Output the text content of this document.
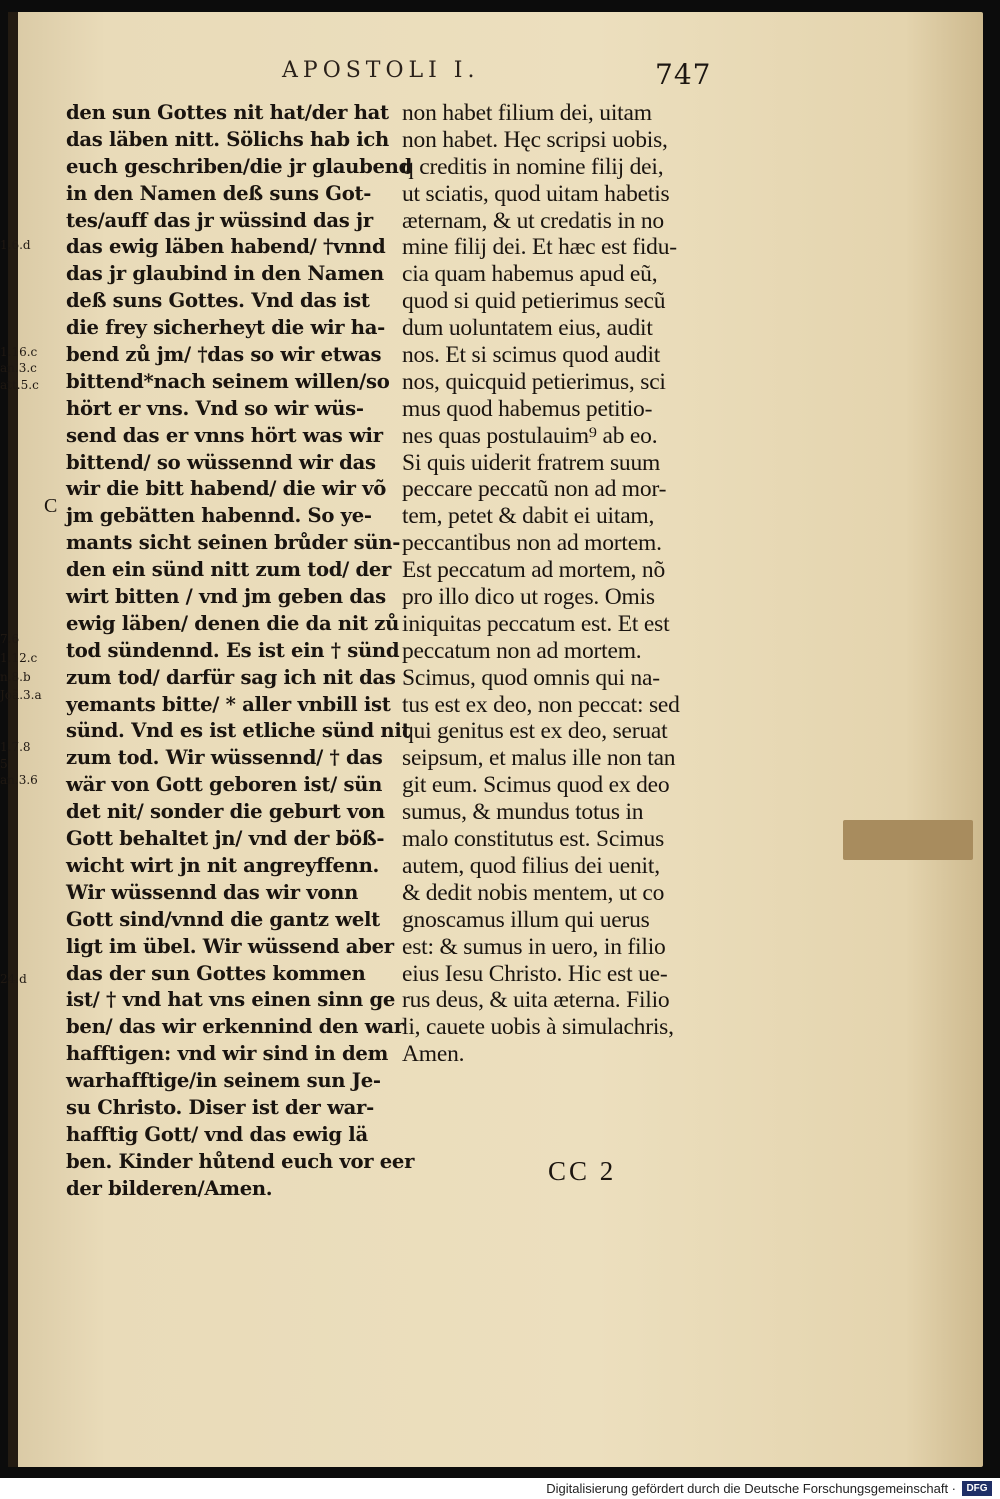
APOSTOLI I.	747
den sun Gottes nit hat/der hat
das läben nitt. Sölichs hab ich
euch geschriben/die jr glaubend
in den Namen deß suns Got-
tes/auff das jr wüssind das jr
das ewig läben habend/ †vnnd
das jr glaubind in den Namen
deß suns Gottes. Vnd das ist
die frey sicherheyt die wir ha-
bend zů jm/ †das so wir etwas
bittend*nach seinem willen/so
hört er vns. Vnd so wir wüs-
send das er vnns hört was wir
bittend/ so wüssennd wir das
wir die bitt habend/ die wir võ
jm gebätten habennd. So ye-
mants sicht seinen brůder sün-
den ein sünd nitt zum tod/ der
wirt bitten / vnd jm geben das
ewig läben/ denen die da nit zů
tod sündennd. Es ist ein † sünd
zum tod/ darfür sag ich nit das
yemants bitte/ * aller vnbill ist
sünd. Vnd es ist etliche sünd nit
zum tod. Wir wüssennd/ † das
wär von Gott geboren ist/ sün
det nit/ sonder die geburt von
Gott behaltet jn/ vnd der böß-
wicht wirt jn nit angreyffenn.
Wir wüssennd das wir vonn
Gott sind/vnnd die gantz welt
ligt im übel. Wir wüssend aber
das der sun Gottes kommen
ist/ † vnd hat vns einen sinn ge
ben/ das wir erkennind den war
hafftigen: vnd wir sind in dem
warhafftige/in seinem sun Je-
su Christo. Diser ist der war-
hafftig Gott/ vnd das ewig lä
ben. Kinder hůtend euch vor eer
der bilderen/Amen.
non habet filium dei, uitam
non habet. Hęc scripsi uobis,
q creditis in nomine filij dei,
ut sciatis, quod uitam habetis
æternam, & ut credatis in no
mine filij dei. Et hæc est fidu-
cia quam habemus apud eũ,
quod si quid petierimus secũ
dum uoluntatem eius, audit
nos. Et si scimus quod audit
nos, quicquid petierimus, sci
mus quod habemus petitio-
nes quas postulauim⁹ ab eo.
Si quis uiderit fratrem suum
peccare peccatũ non ad mor-
tem, petet & dabit ei uitam,
peccantibus non ad mortem.
Est peccatum ad mortem, nõ
pro illo dico ut roges. Omis
iniquitas peccatum est. Et est
peccatum non ad mortem.
Scimus, quod omnis qui na-
tus est ex deo, non peccat: sed
qui genitus est ex deo, seruat
seipsum, et malus ille non tan
git eum. Scimus quod ex deo
sumus, & mundus totus in
malo constitutus est. Scimus
autem, quod filius dei uenit,
& dedit nobis mentem, ut co
gnoscamus illum qui uerus
est: & sumus in uero, in filio
eius Iesu Christo. Hic est ue-
rus deus, & uita æterna. Filio
li, cauete uobis à simulachris,
Amen.
1.6.d
1.16.c
an.3.c
att.5.c
7.6
1.12.c
n.8.b
Joã.3.a
1.7.8
5
an.3.6
24.d
C
CC 2
Digitalisierung gefördert durch die Deutsche Forschungsgemeinschaft ·	DFG
